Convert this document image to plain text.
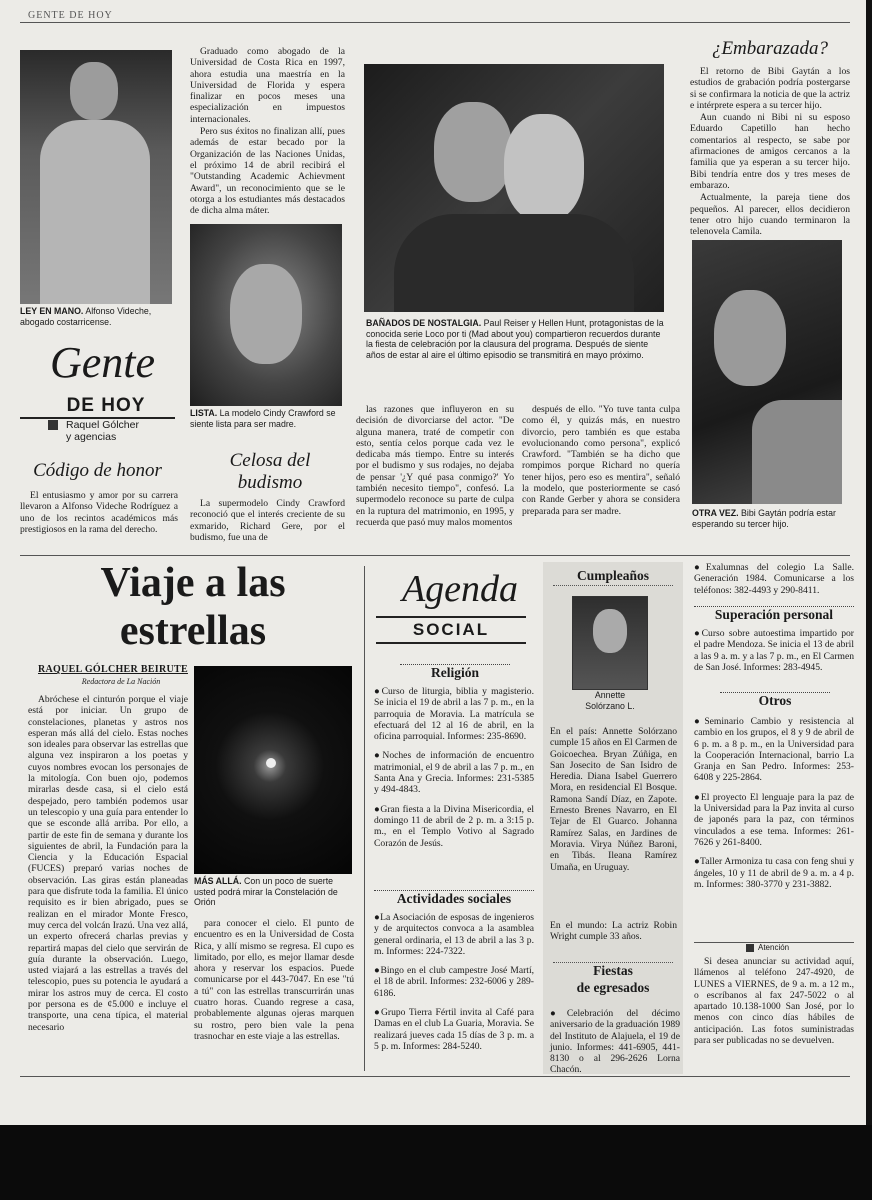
GENTE DE HOY
LEY EN MANO. Alfonso Videche, abogado costarricense.
Gente
DE HOY
Raquel Gólcher
y agencias
Código de honor

El entusiasmo y amor por su carrera llevaron a Alfonso Videche Rodríguez a uno de los recintos académicos más prestigiosos en la rama del derecho.

Graduado como abogado de la Universidad de Costa Rica en 1997, ahora estudia una maestría en la Universidad de Florida y espera finalizar en pocos meses una especialización en impuestos internacionales.

Pero sus éxitos no finalizan allí, pues además de estar becado por la Organización de las Naciones Unidas, el próximo 14 de abril recibirá el "Outstanding Academic Achievment Award", un reconocimiento que se le otorga a los estudiantes más destacados de dicha alma máter.

LISTA. La modelo Cindy Crawford se siente lista para ser madre.
Celosa del
budismo

La supermodelo Cindy Crawford reconoció que el interés creciente de su exmarido, Richard Gere, por el budismo, fue una de

BAÑADOS DE NOSTALGIA. Paul Reiser y Hellen Hunt, protagonistas de la conocida serie Loco por ti (Mad about you) compartieron recuerdos durante la fiesta de celebración por la clausura del programa. Después de siente años de estar al aire el último episodio se transmitirá en mayo próximo.

las razones que influyeron en su decisión de divorciarse del actor. "De alguna manera, traté de competir con esto, sentía celos porque cada vez le dedicaba más tiempo. Entre su interés por el budismo y sus rodajes, no dejaba de pensar '¿Y qué pasa conmigo?' Yo también necesito tiempo", confesó. La supermodelo reconoce su parte de culpa en la ruptura del matrimonio, en 1995, y recuerda que pasó muy malos momentos

después de ello. "Yo tuve tanta culpa como él, y quizás más, en nuestro divorcio, pero también es que estaba evolucionando como persona", explicó Crawford. "También se ha dicho que rompimos porque Richard no quería tener hijos, pero eso es mentira", señaló la modelo, que posteriormente se casó con Rande Gerber y ahora se considera preparada para ser madre.

¿Embarazada?

El retorno de Bibi Gaytán a los estudios de grabación podría postergarse si se confirmara la noticia de que la actriz e intérprete espera a su tercer hijo.

Aun cuando ni Bibi ni su esposo Eduardo Capetillo han hecho comentarios al respecto, se sabe por afirmaciones de amigos cercanos a la familia que ya esperan a su tercer hijo. Bibi tendría entre dos y tres meses de embarazo.

Actualmente, la pareja tiene dos pequeños. Al parecer, ellos decidieron tener otro hijo cuando terminaron la telenovela Camila.

OTRA VEZ. Bibi Gaytán podría estar esperando su tercer hijo.
Viaje a las
estrellas
RAQUEL GÓLCHER BEIRUTE
Redactora de La Nación

Abróchese el cinturón porque el viaje está por iniciar. Un grupo de constelaciones, planetas y astros nos esperan más allá del cielo. Estas noches son ideales para observar las estrellas que alguna vez inspiraron a los poetas y cuyos nombres evocan los personajes de la mitología. Con buen ojo, podemos mirarlas desde casa, si el cielo está despejado, pero también podemos usar un telescopio y una guía para entender lo que se esconde allá arriba. Por ello, a partir de este fin de semana y durante los siguientes de abril, la Fundación para la Ciencia y la Educación Espacial (FUCES) preparó varias noches de observación. Las giras están planeadas para que disfrute toda la familia. El único requisito es ir bien abrigado, pues se realizan en el mirador Monte Fresco, muy cerca del volcán Irazú. Una vez allá, un experto ofrecerá charlas previas y repartirá mapas del cielo que servirán de guía durante la observación. Luego, usted viajará a las estrellas a través del telescopio, pues su potencia le ayudará a mirar los astros muy de cerca. El costo por persona es de ¢5.000 e incluye el transporte, una cena típica, el material necesario

MÁS ALLÁ. Con un poco de suerte usted podrá mirar la Constelación de Orión

para conocer el cielo. El punto de encuentro es en la Universidad de Costa Rica, y allí mismo se regresa. El cupo es limitado, por ello, es mejor llamar desde ahora y reservar los espacios. Puede comunicarse por el 443-7047. En ese "tú a tú" con las estrellas transcurrirán unas cuatro horas. Cuando regrese a casa, probablemente algunas ojeras marquen su rostro, pero bien vale la pena trasnochar en este viaje a las estrellas.

Agenda
SOCIAL
Religión
● Curso de liturgia, biblia y magisterio. Se inicia el 19 de abril a las 7 p. m., en la parroquia de Moravia. La matrícula se efectuará del 12 al 16 de abril, en la oficina parroquial. Informes: 235-8690.
● Noches de información de encuentro matrimonial, el 9 de abril a las 7 p. m., en Santa Ana y Grecia. Informes: 231-5385 y 494-4843.
● Gran fiesta a la Divina Misericordia, el domingo 11 de abril de 2 p. m. a 3:15 p. m., en el Templo Votivo al Sagrado Corazón de Jesús.
Actividades sociales
● La Asociación de esposas de ingenieros y de arquitectos convoca a la asamblea general ordinaria, el 13 de abril a las 3 p. m. Informes: 224-7322.
● Bingo en el club campestre José Martí, el 18 de abril. Informes: 232-6006 y 289-6186.
● Grupo Tierra Fértil invita al Café para Damas en el club La Guaria, Moravia. Se realizará jueves cada 15 días de 3 p. m. a 5 p. m. Informes: 284-5240.
Cumpleaños
Annette
Solórzano L.
En el país: Annette Solórzano cumple 15 años en El Carmen de Goicoechea. Bryan Zúñiga, en San Josecito de San Isidro de Heredia. Diana Isabel Guerrero Mora, en residencial El Bosque. Ramona Sandí Díaz, en Zapote. Ernesto Brenes Navarro, en El Tejar de El Guarco. Johanna Ramírez Salas, en Jardines de Moravia. Virya Núñez Baroni, en Tibás. Ileana Ramírez Umaña, en Uruguay.
En el mundo: La actriz Robin Wright cumple 33 años.
Fiestas
de egresados
● Celebración del décimo aniversario de la graduación 1989 del Instituto de Alajuela, el 19 de junio. Informes: 441-6905, 441-8130 o al 296-2626 Lorna Chacón.
● Exalumnas del colegio La Salle. Generación 1984. Comunicarse a los teléfonos: 382-4493 y 290-8411.
Superación personal
● Curso sobre autoestima impartido por el padre Mendoza. Se inicia el 13 de abril a las 9 a. m. y a las 7 p. m., en El Carmen de San José. Informes: 283-4945.
Otros
● Seminario Cambio y resistencia al cambio en los grupos, el 8 y 9 de abril de 6 p. m. a 8 p. m., en la Universidad para la Cooperación Internacional, barrio La Granja en San Pedro. Informes: 253-6408 y 225-2864.
● El proyecto El lenguaje para la paz de la Universidad para la Paz invita al curso de japonés para la paz, con términos vinculados a ese tema. Informes: 261-7626 y 261-8400.
● Taller Armoniza tu casa con feng shui y ángeles, 10 y 11 de abril de 9 a. m. a 4 p. m. Informes: 380-3770 y 231-3882.
Atención

Si desea anunciar su actividad aquí, llámenos al teléfono 247-4920, de LUNES a VIERNES, de 9 a. m. a 12 m., o escríbanos al fax 247-5022 o al apartado 10.138-1000 San José, por lo menos con cinco días hábiles de anticipación. Las fotos suministradas para ser publicadas no se devuelven.
